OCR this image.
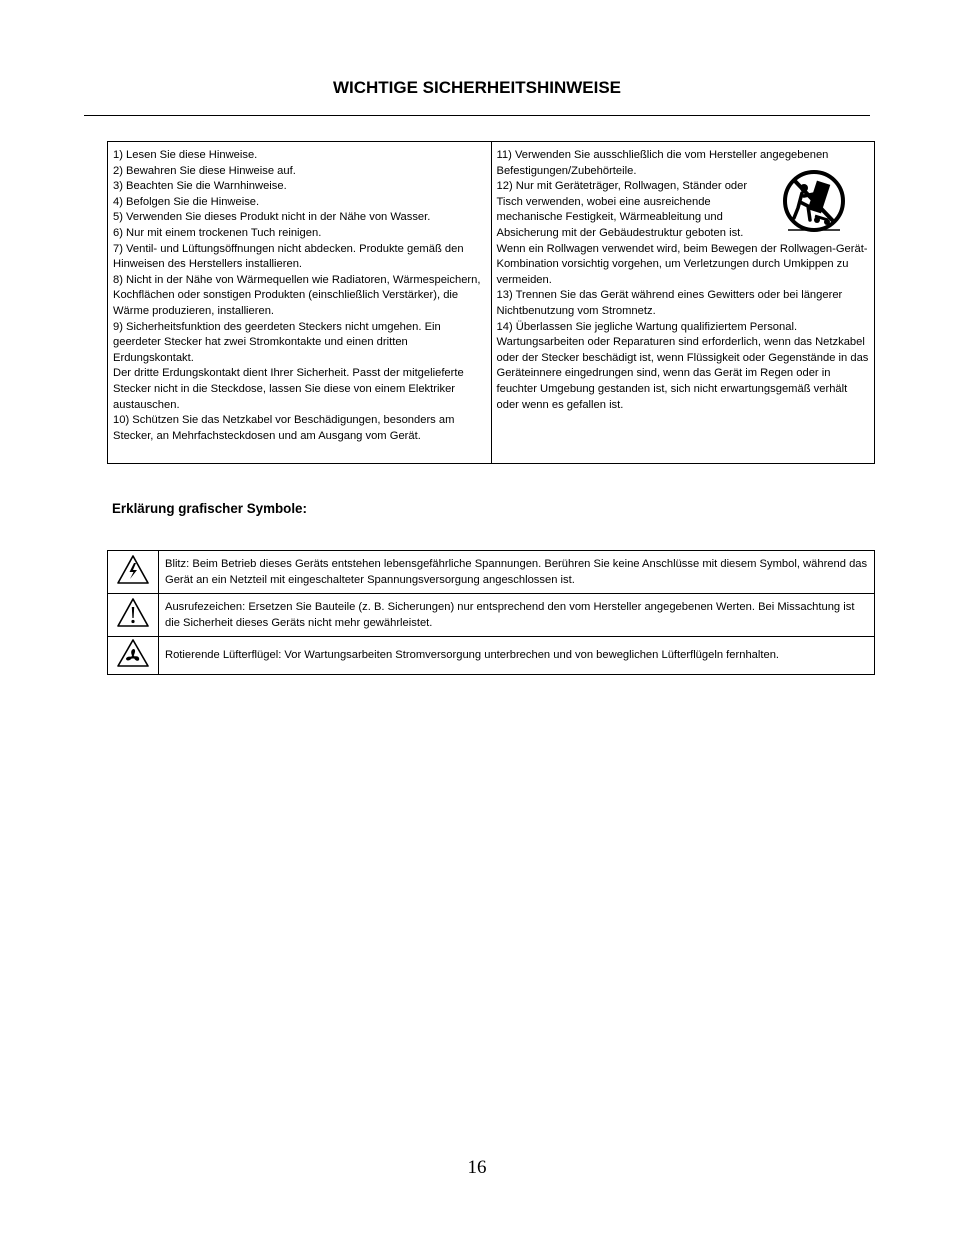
WICHTIGE SICHERHEITSHINWEISE

1) Lesen Sie diese Hinweise.

2) Bewahren Sie diese Hinweise auf.

3) Beachten Sie die Warnhinweise.

4) Befolgen Sie die Hinweise.

5) Verwenden Sie dieses Produkt nicht in der Nähe von Wasser.

6) Nur mit einem trockenen Tuch reinigen.

7) Ventil- und Lüftungsöffnungen nicht abdecken. Produkte gemäß den Hinweisen des Herstellers installieren.

8) Nicht in der Nähe von Wärmequellen wie Radiatoren, Wärmespeichern, Kochflächen oder sonstigen Produkten (einschließlich Verstärker), die Wärme produzieren, installieren.

9) Sicherheitsfunktion des geerdeten Steckers nicht umgehen. Ein geerdeter Stecker hat zwei Stromkontakte und einen dritten Erdungskontakt.

Der dritte Erdungskontakt dient Ihrer Sicherheit. Passt der mitgelieferte Stecker nicht in die Steckdose, lassen Sie diese von einem Elektriker austauschen.

10) Schützen Sie das Netzkabel vor Beschädigungen, besonders am Stecker, an Mehrfachsteckdosen und am Ausgang vom Gerät.

11) Verwenden Sie ausschließlich die vom Hersteller angegebenen Befestigungen/Zubehörteile.

12) Nur mit Geräteträger, Rollwagen, Ständer oder Tisch verwenden, wobei eine ausreichende mechanische Festigkeit, Wärmeableitung und Absicherung mit der Gebäudestruktur geboten ist.

Wenn ein Rollwagen verwendet wird, beim Bewegen der Rollwagen-Gerät-Kombination vorsichtig vorgehen, um Verletzungen durch Umkippen zu vermeiden.

13) Trennen Sie das Gerät während eines Gewitters oder bei längerer Nichtbenutzung vom Stromnetz.

14) Überlassen Sie jegliche Wartung qualifiziertem Personal. Wartungsarbeiten oder Reparaturen sind erforderlich, wenn das Netzkabel oder der Stecker beschädigt ist, wenn Flüssigkeit oder Gegenstände in das Geräteinnere eingedrungen sind, wenn das Gerät im Regen oder in feuchter Umgebung gestanden ist, sich nicht erwartungsgemäß verhält oder wenn es gefallen ist.

Erklärung grafischer Symbole:
	Blitz: Beim Betrieb dieses Geräts entstehen lebensgefährliche Spannungen. Berühren Sie keine Anschlüsse mit diesem Symbol, während das Gerät an ein Netzteil mit eingeschalteter Spannungsversorgung angeschlossen ist.
	Ausrufezeichen: Ersetzen Sie Bauteile (z. B. Sicherungen) nur entsprechend den vom Hersteller angegebenen Werten. Bei Missachtung ist die Sicherheit dieses Geräts nicht mehr gewährleistet.
	Rotierende Lüfterflügel: Vor Wartungsarbeiten Stromversorgung unterbrechen und von beweglichen Lüfterflügeln fernhalten.

16
